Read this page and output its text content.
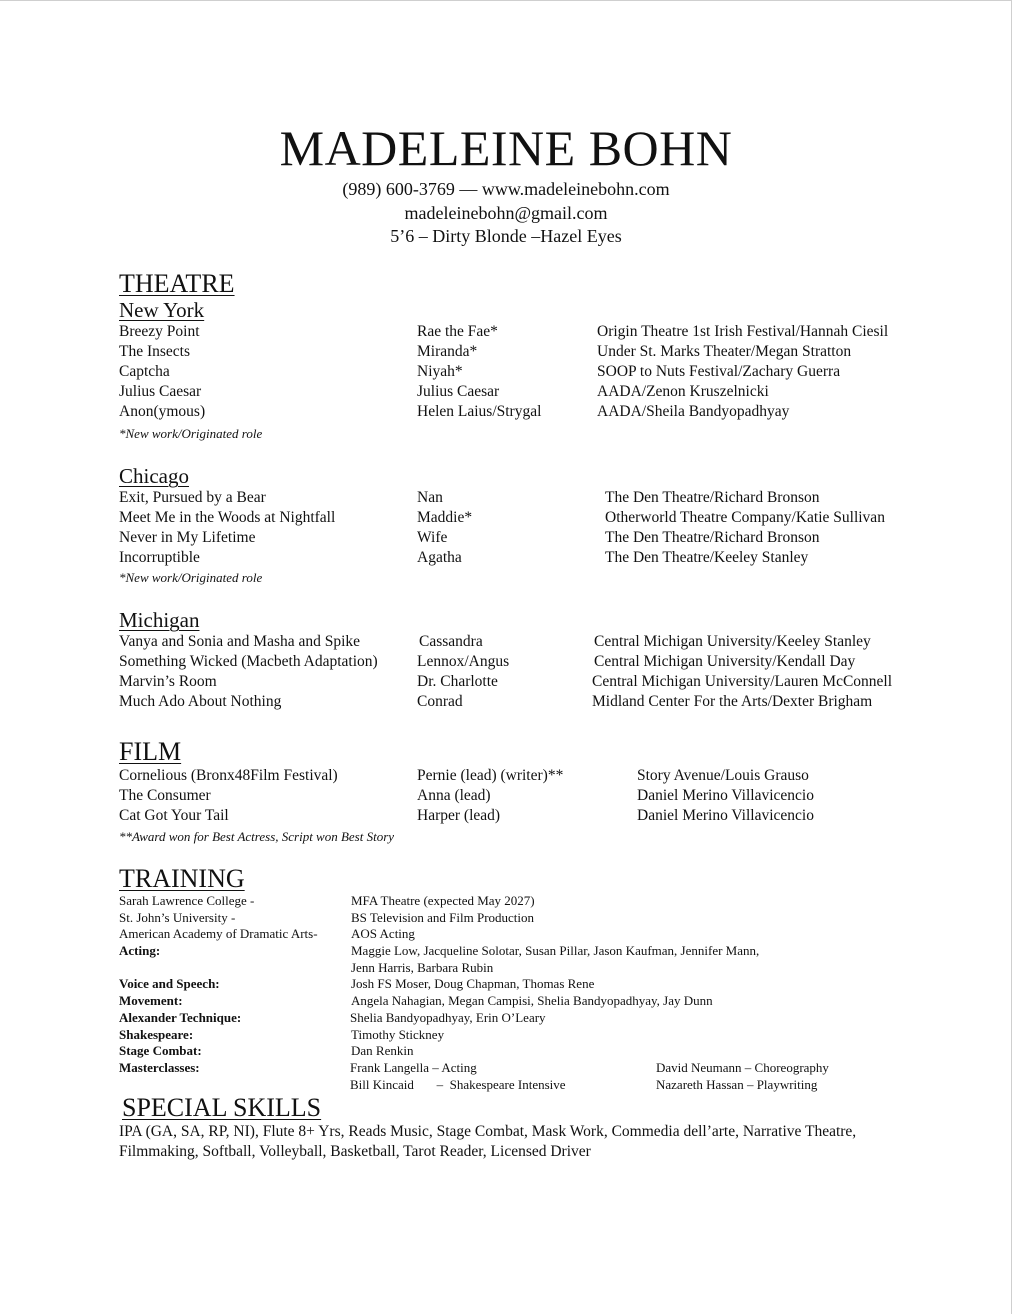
MADELEINE BOHN
(989) 600-3769 — www.madeleinebohn.com
madeleinebohn@gmail.com
5’6 – Dirty Blonde –Hazel Eyes
THEATRE
New York
Breezy Point	Rae the Fae*	Origin Theatre 1st Irish Festival/Hannah Ciesil
The Insects	Miranda*	Under St. Marks Theater/Megan Stratton
Captcha	Niyah*	SOOP to Nuts Festival/Zachary Guerra
Julius Caesar	Julius Caesar	AADA/Zenon Kruszelnicki
Anon(ymous)	Helen Laius/Strygal	AADA/Sheila Bandyopadhyay
*New work/Originated role
Chicago
Exit, Pursued by a Bear	Nan	The Den Theatre/Richard Bronson
Meet Me in the Woods at Nightfall	Maddie*	Otherworld Theatre Company/Katie Sullivan
Never in My Lifetime	Wife	The Den Theatre/Richard Bronson
Incorruptible	Agatha	The Den Theatre/Keeley Stanley
*New work/Originated role
Michigan
Vanya and Sonia and Masha and Spike	Cassandra	Central Michigan University/Keeley Stanley
Something Wicked (Macbeth Adaptation)	Lennox/Angus	Central Michigan University/Kendall Day
Marvin’s Room	Dr. Charlotte	Central Michigan University/Lauren McConnell
Much Ado About Nothing	Conrad	Midland Center For the Arts/Dexter Brigham
FILM
Cornelious (Bronx48Film Festival)	Pernie (lead) (writer)**	Story Avenue/Louis Grauso
The Consumer	Anna (lead)	Daniel Merino Villavicencio
Cat Got Your Tail	Harper (lead)	Daniel Merino Villavicencio
**Award won for Best Actress, Script won Best Story
TRAINING
Sarah Lawrence College -	MFA Theatre (expected May 2027)
St. John’s University -	BS Television and Film Production
American Academy of Dramatic Arts-	AOS Acting
Acting:	Maggie Low, Jacqueline Solotar, Susan Pillar, Jason Kaufman, Jennifer Mann,
Jenn Harris, Barbara Rubin
Voice and Speech:	Josh FS Moser, Doug Chapman, Thomas Rene
Movement:	Angela Nahagian, Megan Campisi, Shelia Bandyopadhyay, Jay Dunn
Alexander Technique:	Shelia Bandyopadhyay, Erin O’Leary
Shakespeare:	Timothy Stickney
Stage Combat:	Dan Renkin
Masterclasses:	Frank Langella – Acting	David Neumann – Choreography
Bill Kincaid       –  Shakespeare Intensive	Nazareth Hassan – Playwriting
SPECIAL SKILLS
IPA (GA, SA, RP, NI), Flute 8+ Yrs, Reads Music, Stage Combat, Mask Work, Commedia dell’arte, Narrative Theatre, Filmmaking, Softball, Volleyball, Basketball, Tarot Reader, Licensed Driver
